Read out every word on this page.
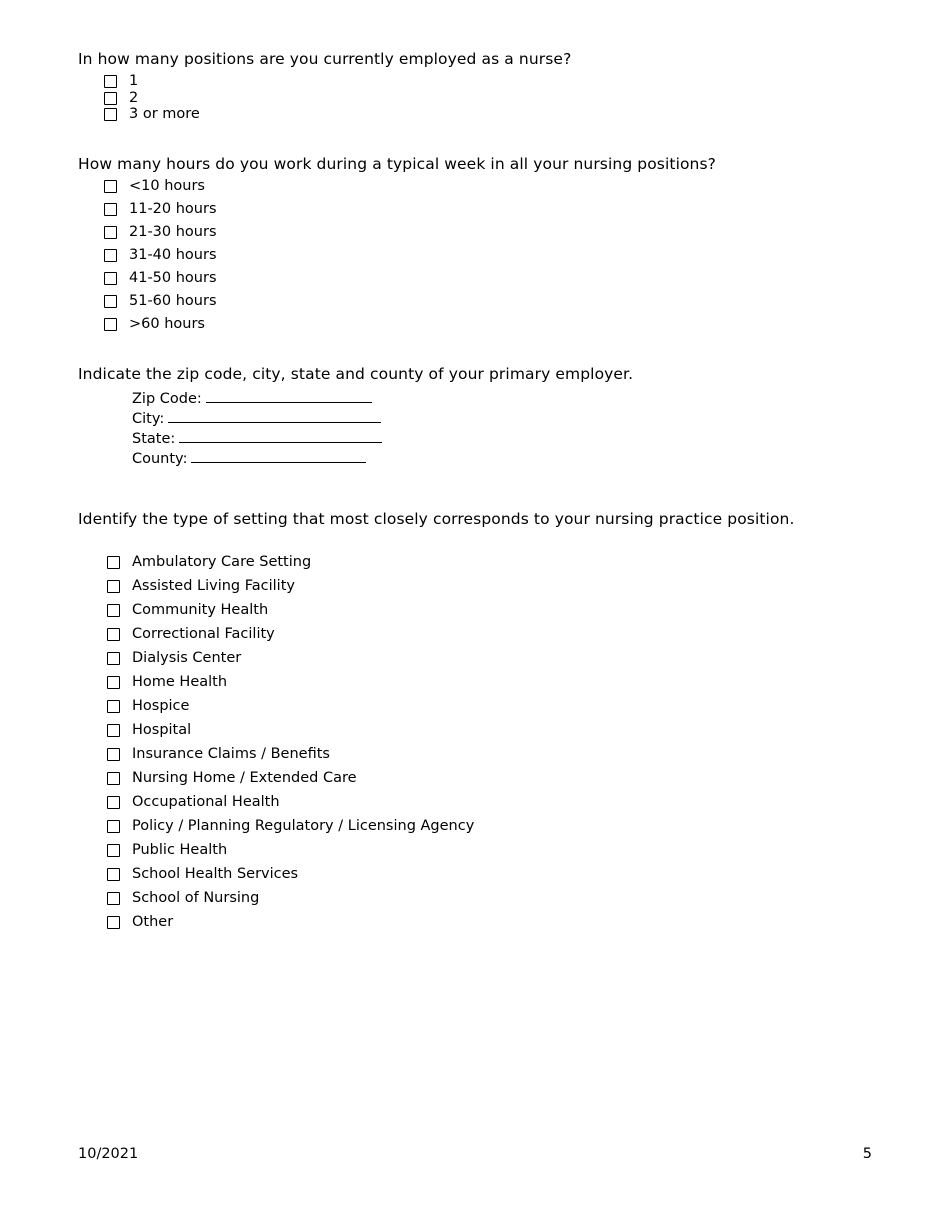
In how many positions are you currently employed as a nurse?

1
2
3 or more

How many hours do you work during a typical week in all your nursing positions?

<10 hours
11-20 hours
21-30 hours
31-40 hours
41-50 hours
51-60 hours
>60 hours

Indicate the zip code, city, state and county of your primary employer.

Zip Code:
City:
State:
County:

Identify the type of setting that most closely corresponds to your nursing practice position.

Ambulatory Care Setting
Assisted Living Facility
Community Health
Correctional Facility
Dialysis Center
Home Health
Hospice
Hospital
Insurance Claims / Benefits
Nursing Home / Extended Care
Occupational Health
Policy / Planning Regulatory / Licensing Agency
Public Health
School Health Services
School of Nursing
Other
10/2021	5
